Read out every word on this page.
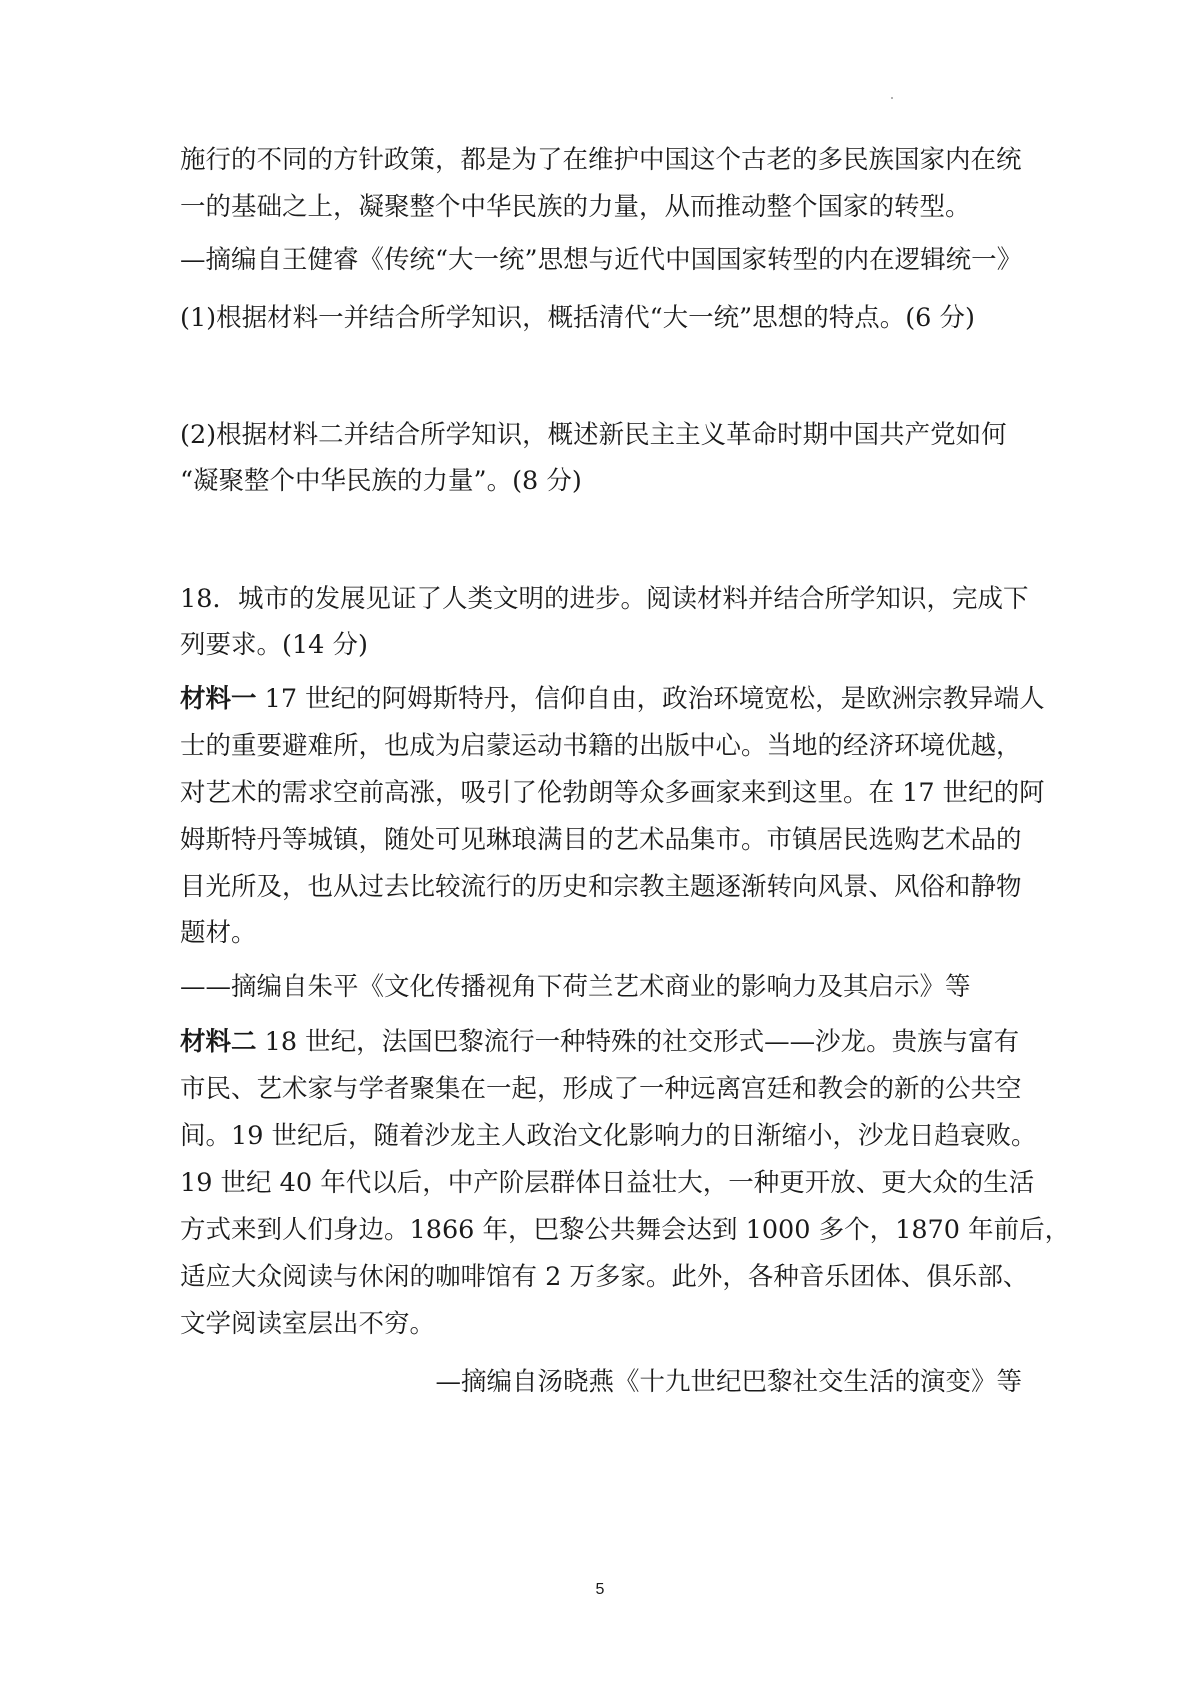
施行的不同的方针政策，都是为了在维护中国这个古老的多民族国家内在统
一的基础之上，凝聚整个中华民族的力量，从而推动整个国家的转型。
—摘编自王健睿《传统“大一统”思想与近代中国国家转型的内在逻辑统一》
(1)根据材料一并结合所学知识，概括清代“大一统”思想的特点。(6 分)
(2)根据材料二并结合所学知识，概述新民主主义革命时期中国共产党如何
“凝聚整个中华民族的力量”。(8 分)
18．城市的发展见证了人类文明的进步。阅读材料并结合所学知识，完成下
列要求。(14 分)
材料一 17 世纪的阿姆斯特丹，信仰自由，政治环境宽松，是欧洲宗教异端人
士的重要避难所，也成为启蒙运动书籍的出版中心。当地的经济环境优越，
对艺术的需求空前高涨，吸引了伦勃朗等众多画家来到这里。在 17 世纪的阿
姆斯特丹等城镇，随处可见琳琅满目的艺术品集市。市镇居民选购艺术品的
目光所及，也从过去比较流行的历史和宗教主题逐渐转向风景、风俗和静物
题材。
——摘编自朱平《文化传播视角下荷兰艺术商业的影响力及其启示》等
材料二 18 世纪，法国巴黎流行一种特殊的社交形式——沙龙。贵族与富有
市民、艺术家与学者聚集在一起，形成了一种远离宫廷和教会的新的公共空
间。19 世纪后，随着沙龙主人政治文化影响力的日渐缩小，沙龙日趋衰败。
19 世纪 40 年代以后，中产阶层群体日益壮大，一种更开放、更大众的生活
方式来到人们身边。1866 年，巴黎公共舞会达到 1000 多个，1870 年前后，
适应大众阅读与休闲的咖啡馆有 2 万多家。此外，各种音乐团体、俱乐部、
文学阅读室层出不穷。
—摘编自汤晓燕《十九世纪巴黎社交生活的演变》等
5
